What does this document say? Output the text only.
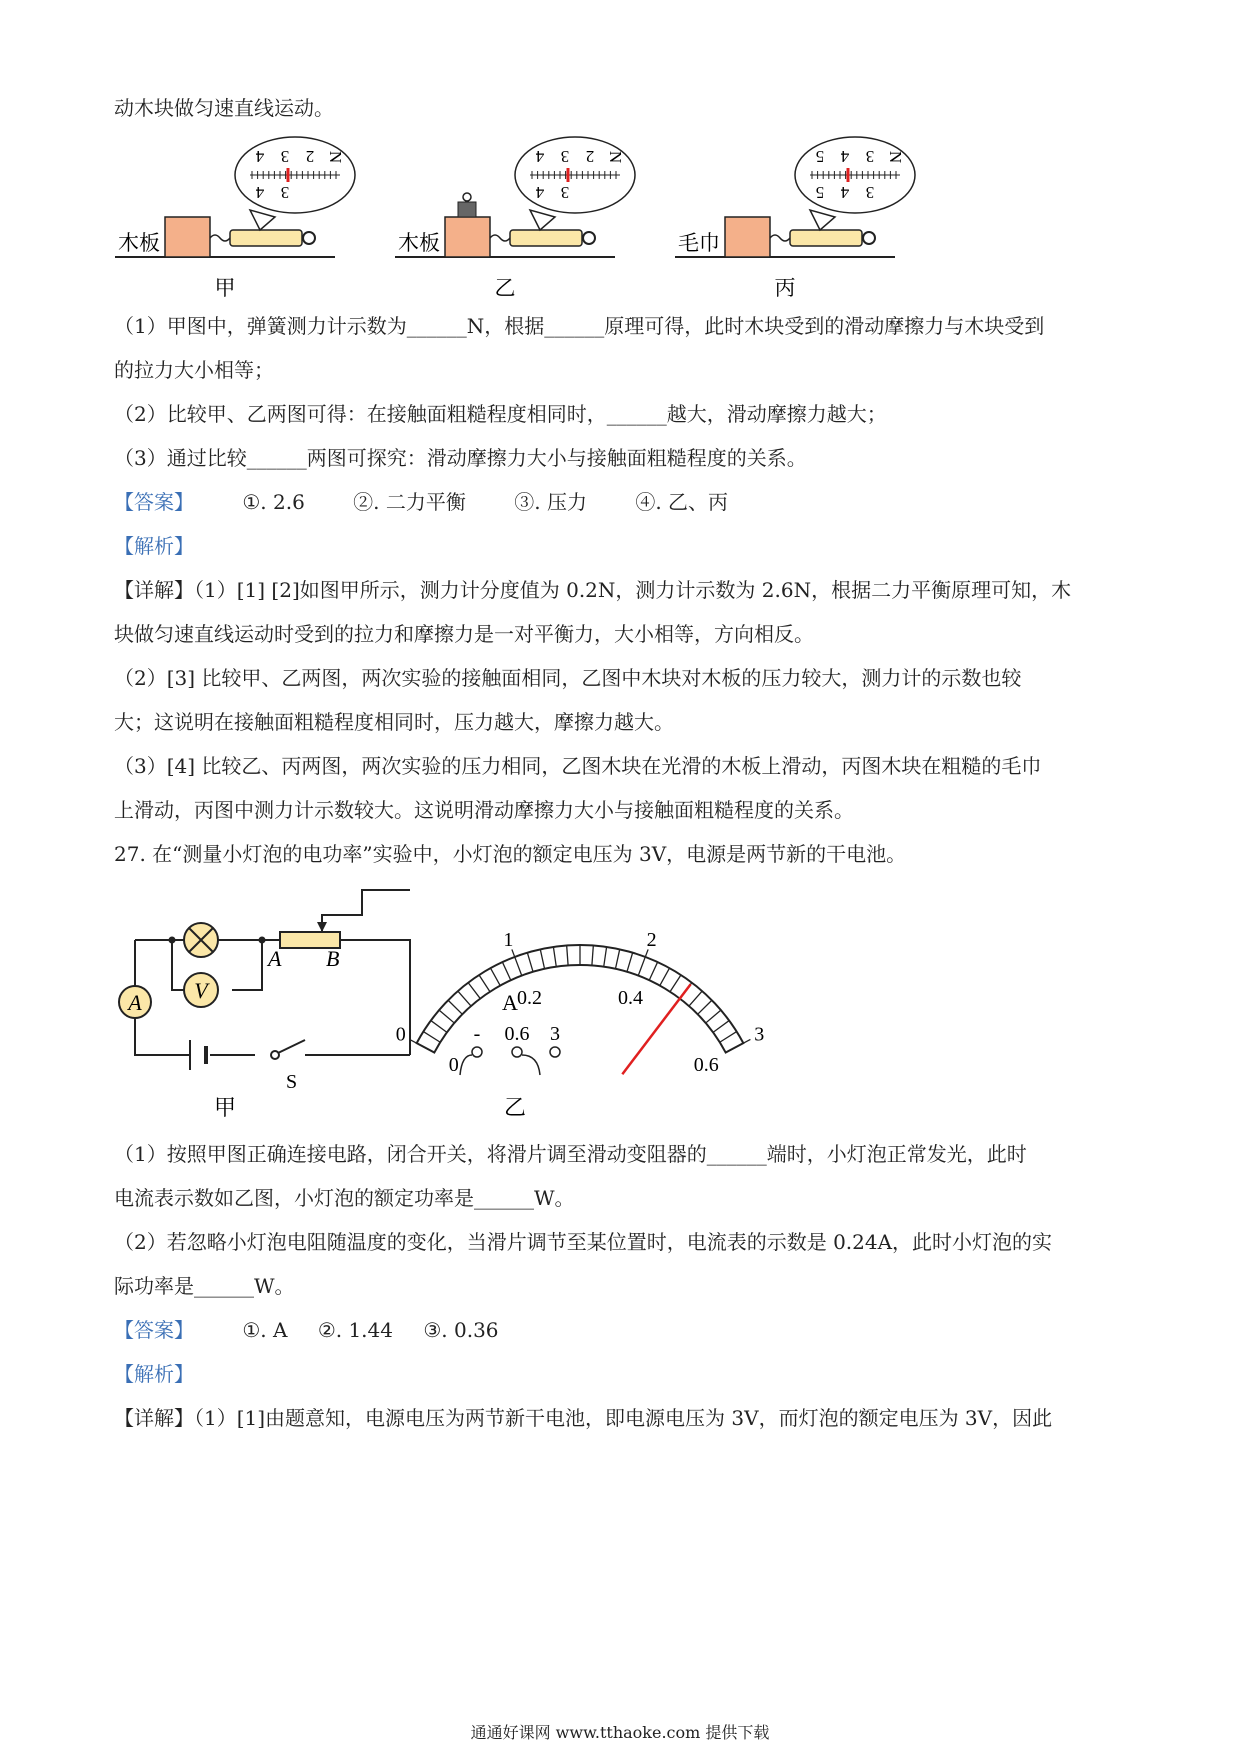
动木块做匀速直线运动。
木板
4 3 2
4 3
N
甲
木板
4 3 2
4 3
N
乙
毛巾
5 4 3
5 4 3
N
丙
（1）甲图中，弹簧测力计示数为______N，根据______原理可得，此时木块受到的滑动摩擦力与木块受到
的拉力大小相等；
（2）比较甲、乙两图可得：在接触面粗糙程度相同时，______越大，滑动摩擦力越大；
（3）通过比较______两图可探究：滑动摩擦力大小与接触面粗糙程度的关系。
【答案】 ①. 2.6 ②. 二力平衡 ③. 压力 ④. 乙、丙
【解析】
【详解】（1）[1] [2]如图甲所示，测力计分度值为 0.2N，测力计示数为 2.6N，根据二力平衡原理可知，木
块做匀速直线运动时受到的拉力和摩擦力是一对平衡力，大小相等，方向相反。
（2）[3] 比较甲、乙两图，两次实验的接触面相同，乙图中木块对木板的压力较大，测力计的示数也较
大；这说明在接触面粗糙程度相同时，压力越大，摩擦力越大。
（3）[4] 比较乙、丙两图，两次实验的压力相同，乙图木块在光滑的木板上滑动，丙图木块在粗糙的毛巾
上滑动，丙图中测力计示数较大。这说明滑动摩擦力大小与接触面粗糙程度的关系。
27. 在“测量小灯泡的电功率”实验中，小灯泡的额定电压为 3V，电源是两节新的干电池。
V
A B
A
S
甲
0
1	2
3
0
0.2	0.4
0.6
A
- 0.6 3
乙
（1）按照甲图正确连接电路，闭合开关，将滑片调至滑动变阻器的______端时，小灯泡正常发光，此时
电流表示数如乙图，小灯泡的额定功率是______W。
（2）若忽略小灯泡电阻随温度的变化，当滑片调节至某位置时，电流表的示数是 0.24A，此时小灯泡的实
际功率是______W。
【答案】 ①. A ②. 1.44 ③. 0.36
【解析】
【详解】（1）[1]由题意知，电源电压为两节新干电池，即电源电压为 3V，而灯泡的额定电压为 3V，因此
通通好课网 www.tthaoke.com 提供下载
